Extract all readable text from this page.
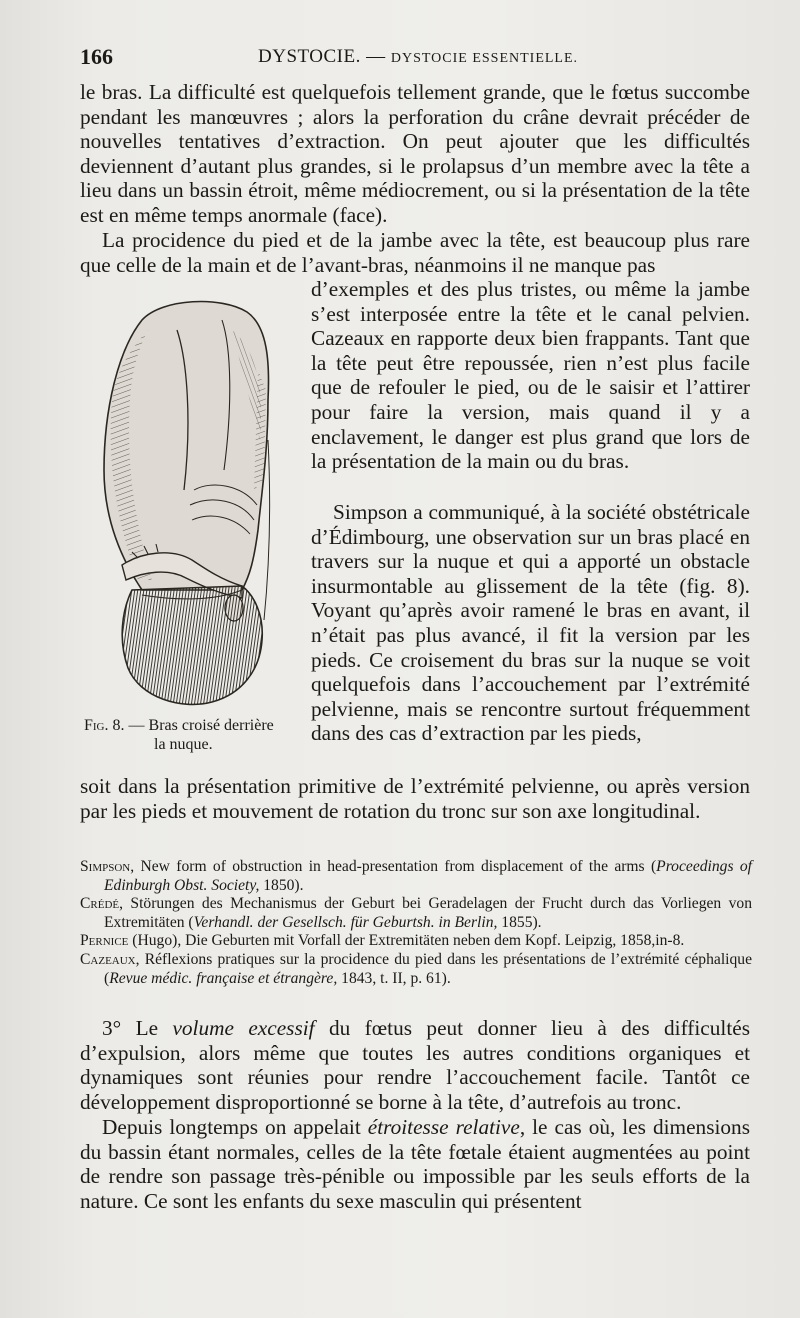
166	DYSTOCIE. — DYSTOCIE ESSENTIELLE.
le bras. La difficulté est quelquefois tellement grande, que le fœtus succombe pendant les manœuvres ; alors la perforation du crâne devrait précéder de nouvelles tentatives d’extraction. On peut ajouter que les difficultés deviennent d’autant plus grandes, si le prolapsus d’un membre avec la tête a lieu dans un bassin étroit, même médiocrement, ou si la présentation de la tête est en même temps anormale (face).
La procidence du pied et de la jambe avec la tête, est beaucoup plus rare que celle de la main et de l’avant-bras, néanmoins il ne manque pas
d’exemples et des plus tristes, ou même la jambe s’est interposée entre la tête et le canal pelvien. Cazeaux en rapporte deux bien frappants. Tant que la tête peut être repoussée, rien n’est plus facile que de refouler le pied, ou de le saisir et l’attirer pour faire la version, mais quand il y a enclavement, le danger est plus grand que lors de la présentation de la main ou du bras.
Simpson a communiqué, à la société obstétricale d’Édimbourg, une observation sur un bras placé en travers sur la nuque et qui a apporté un obstacle insurmontable au glissement de la tête (fig. 8). Voyant qu’après avoir ramené le bras en avant, il n’était pas plus avancé, il fit la version par les pieds. Ce croisement du bras sur la nuque se voit quelquefois dans l’accouchement par l’extrémité pelvienne, mais se rencontre surtout fréquemment dans des cas d’extraction par les pieds,
soit dans la présentation primitive de l’extrémité pelvienne, ou après version par les pieds et mouvement de rotation du tronc sur son axe longitudinal.
Fig. 8. — Bras croisé derrière
la nuque.
Simpson, New form of obstruction in head-presentation from displacement of the arms (Proceedings of Edinburgh Obst. Society, 1850).
Crédé, Störungen des Mechanismus der Geburt bei Geradelagen der Frucht durch das Vorliegen von Extremitäten (Verhandl. der Gesellsch. für Geburtsh. in Berlin, 1855).
Pernice (Hugo), Die Geburten mit Vorfall der Extremitäten neben dem Kopf. Leipzig, 1858,in-8.
Cazeaux, Réflexions pratiques sur la procidence du pied dans les présentations de l’extrémité céphalique (Revue médic. française et étrangère, 1843, t. II, p. 61).
3° Le volume excessif du fœtus peut donner lieu à des difficultés d’expulsion, alors même que toutes les autres conditions organiques et dynamiques sont réunies pour rendre l’accouchement facile. Tantôt ce développement disproportionné se borne à la tête, d’autrefois au tronc.
Depuis longtemps on appelait étroitesse relative, le cas où, les dimensions du bassin étant normales, celles de la tête fœtale étaient augmentées au point de rendre son passage très-pénible ou impossible par les seuls efforts de la nature. Ce sont les enfants du sexe masculin qui présentent
